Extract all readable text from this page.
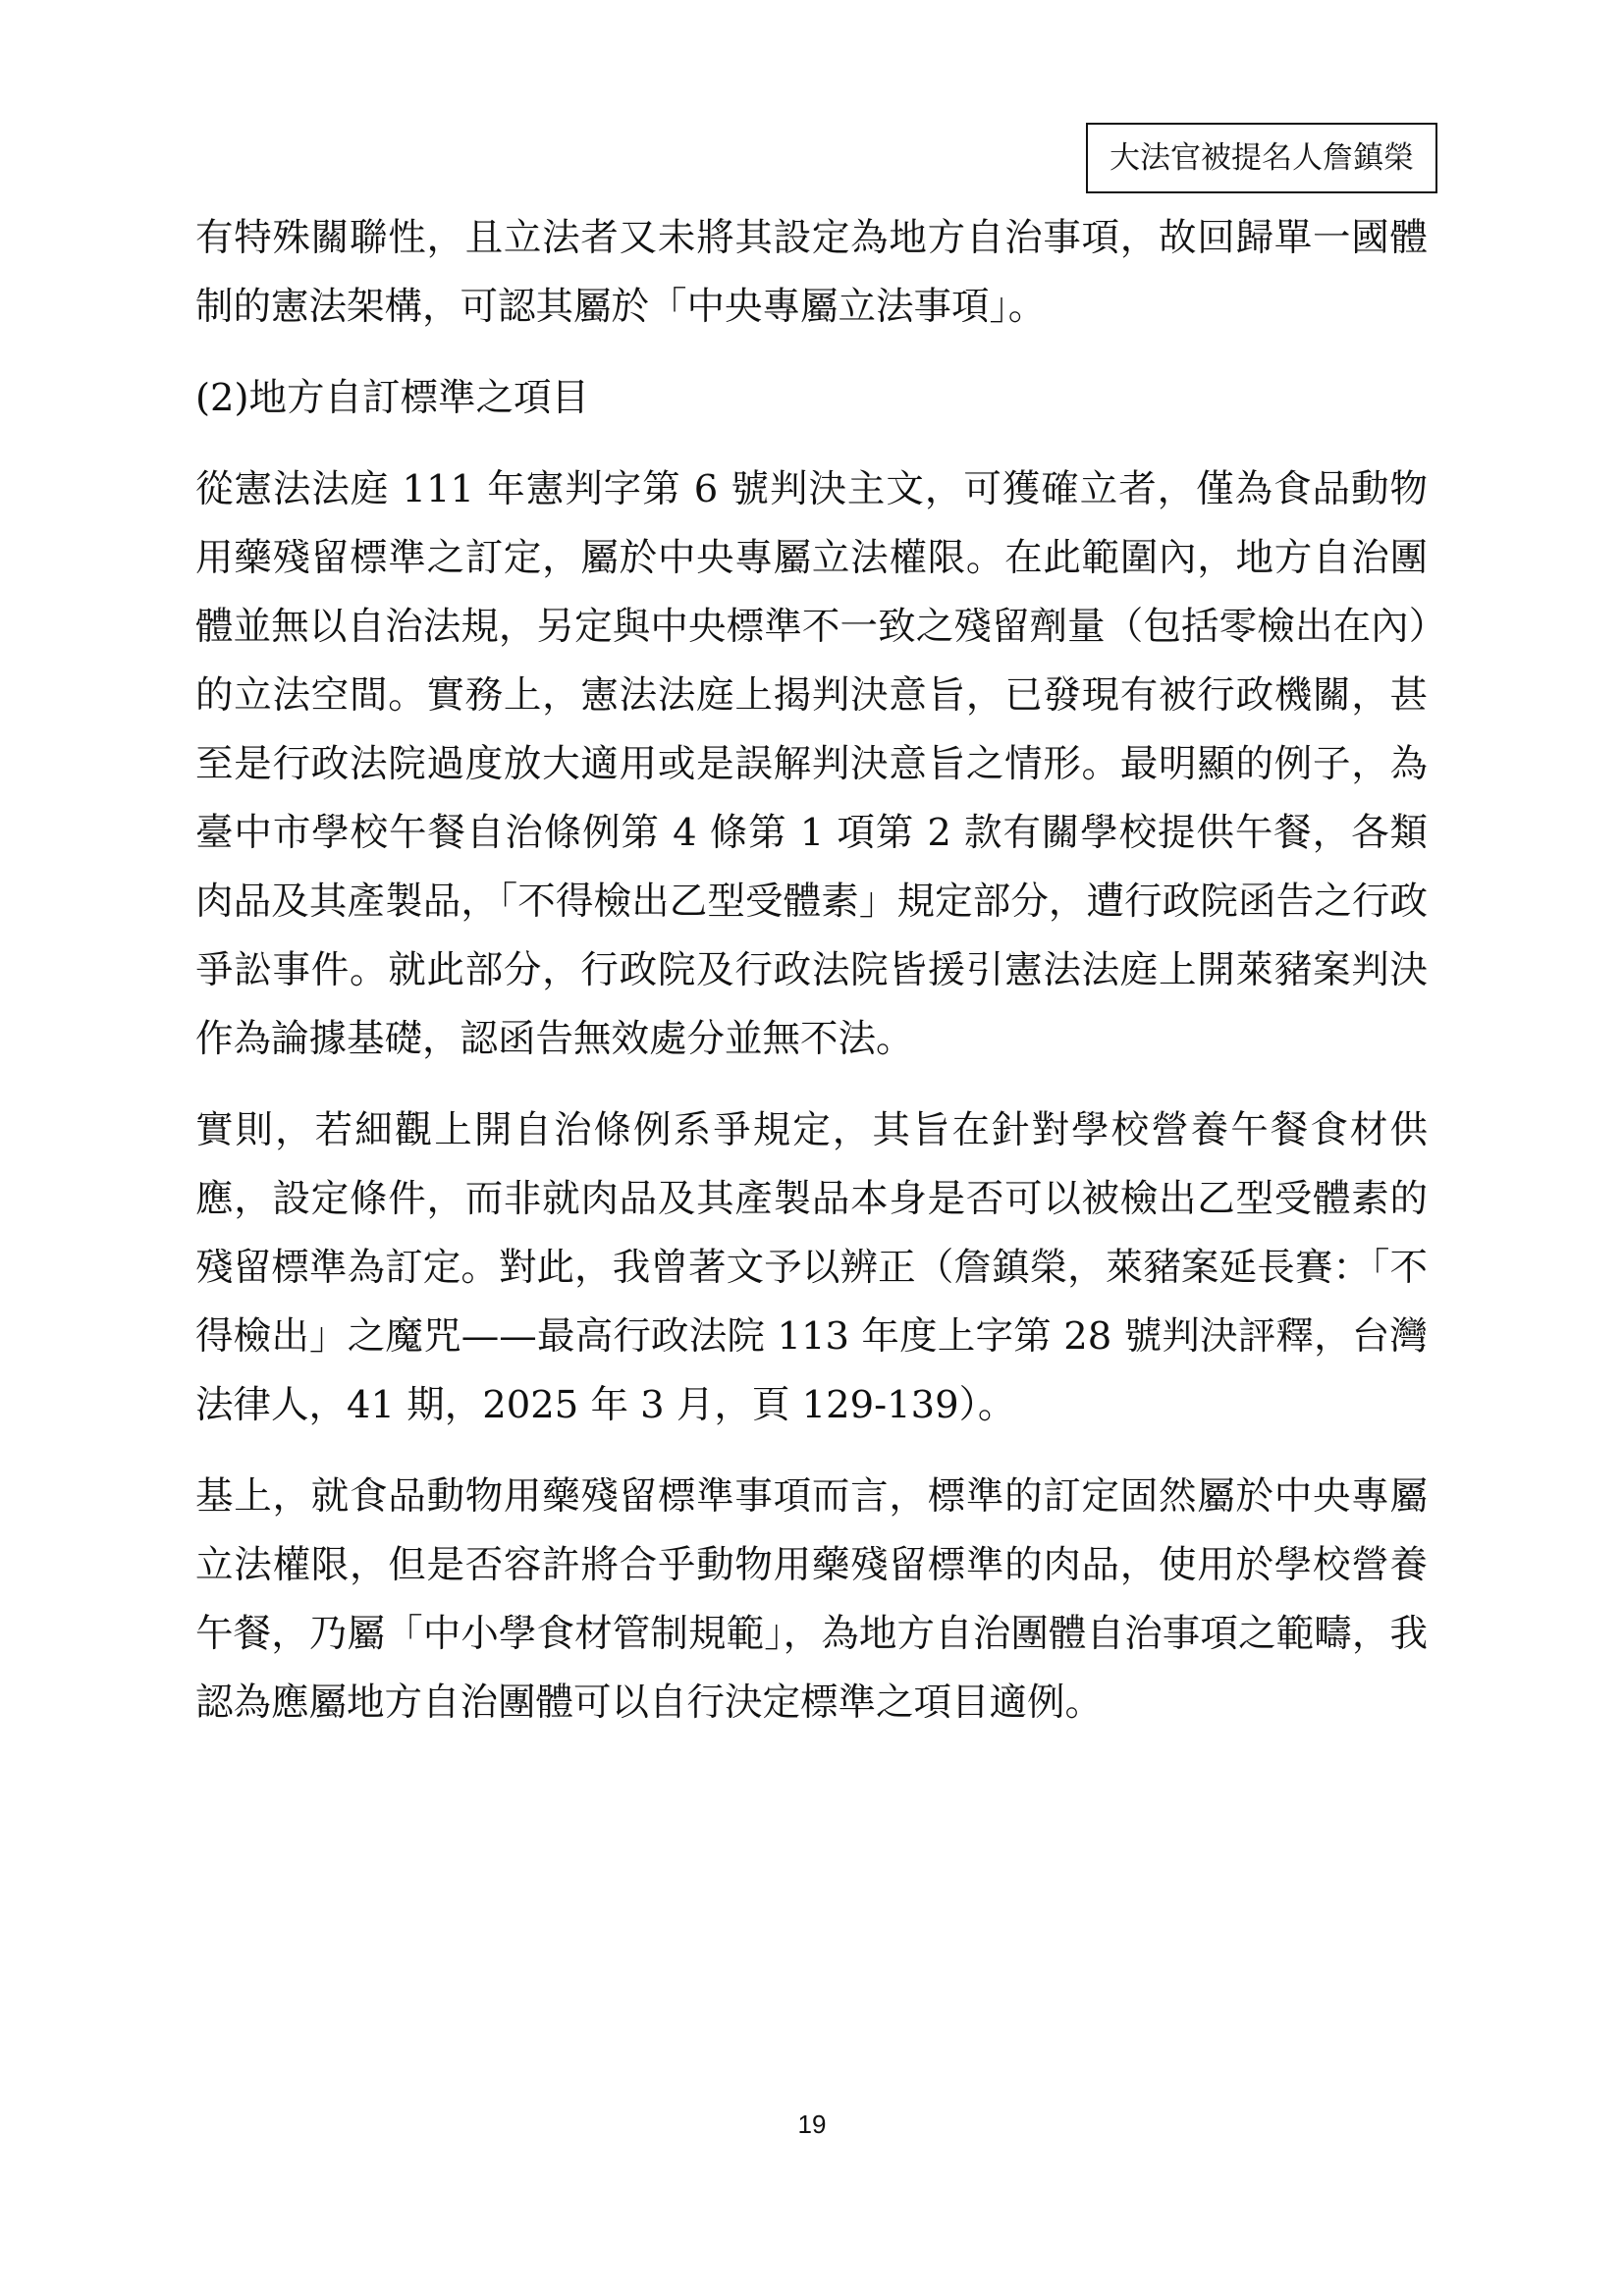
大法官被提名人詹鎮榮

有特殊關聯性，且立法者又未將其設定為地方自治事項，故回歸單一國體制的憲法架構，可認其屬於「中央專屬立法事項」。

(2)地方自訂標準之項目

從憲法法庭 111 年憲判字第 6 號判決主文，可獲確立者，僅為食品動物用藥殘留標準之訂定，屬於中央專屬立法權限。在此範圍內，地方自治團體並無以自治法規，另定與中央標準不一致之殘留劑量（包括零檢出在內）的立法空間。實務上，憲法法庭上揭判決意旨，已發現有被行政機關，甚至是行政法院過度放大適用或是誤解判決意旨之情形。最明顯的例子，為臺中市學校午餐自治條例第 4 條第 1 項第 2 款有關學校提供午餐，各類肉品及其產製品，「不得檢出乙型受體素」規定部分，遭行政院函告之行政爭訟事件。就此部分，行政院及行政法院皆援引憲法法庭上開萊豬案判決作為論據基礎，認函告無效處分並無不法。

實則，若細觀上開自治條例系爭規定，其旨在針對學校營養午餐食材供應，設定條件，而非就肉品及其產製品本身是否可以被檢出乙型受體素的殘留標準為訂定。對此，我曾著文予以辨正（詹鎮榮，萊豬案延長賽：「不得檢出」之魔咒——最高行政法院 113 年度上字第 28 號判決評釋，台灣法律人，41 期，2025 年 3 月，頁 129-139）。

基上，就食品動物用藥殘留標準事項而言，標準的訂定固然屬於中央專屬立法權限，但是否容許將合乎動物用藥殘留標準的肉品，使用於學校營養午餐，乃屬「中小學食材管制規範」，為地方自治團體自治事項之範疇，我認為應屬地方自治團體可以自行決定標準之項目適例。

19
